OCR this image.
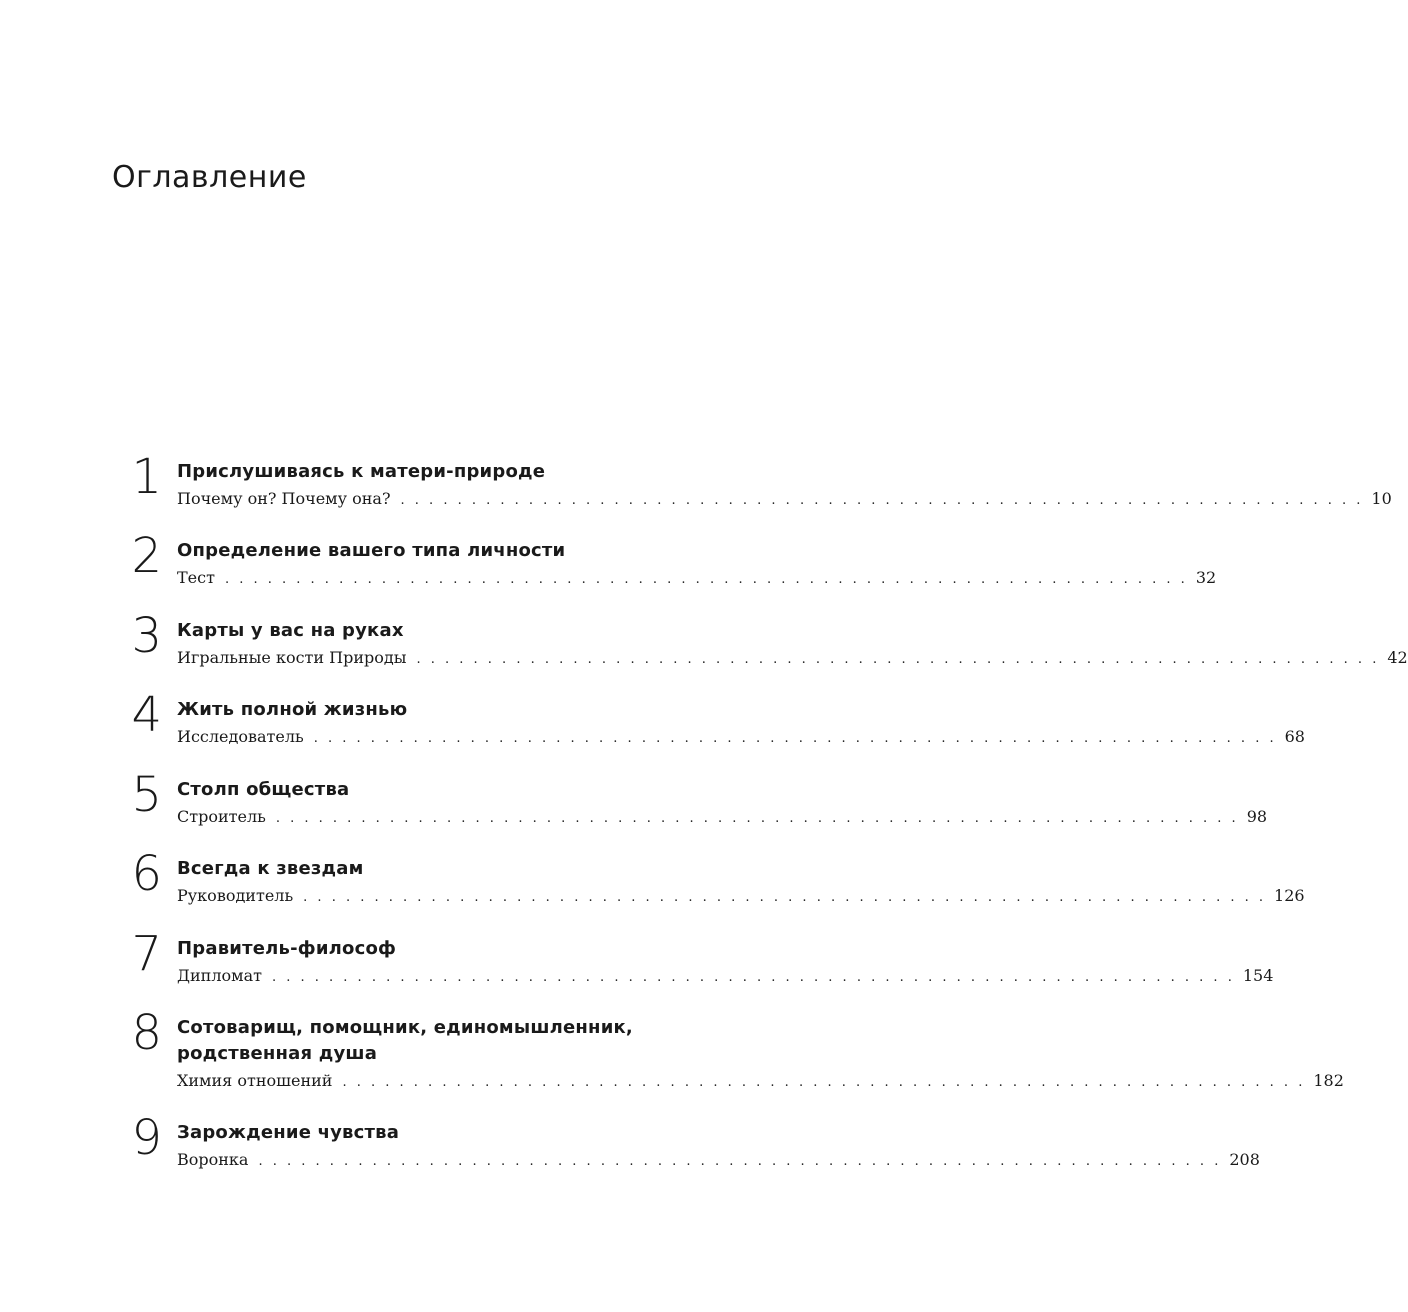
Оглавление
1 Прислушиваясь к матери-природе
Почему он? Почему она? . . . . . . . . . . . . . . . . . . . . . . . . . . . . . . . . . . . . . . . . . . . . . . . . . . . . . . . . . . . . . . . . . . . . 10
2 Определение вашего типа личности
Тест . . . . . . . . . . . . . . . . . . . . . . . . . . . . . . . . . . . . . . . . . . . . . . . . . . . . . . . . . . . . . . . . . . . . 32
3 Карты у вас на руках
Игральные кости Природы . . . . . . . . . . . . . . . . . . . . . . . . . . . . . . . . . . . . . . . . . . . . . . . . . . . . . . . . . . . . . . . . . . . . 42
4 Жить полной жизнью
Исследователь . . . . . . . . . . . . . . . . . . . . . . . . . . . . . . . . . . . . . . . . . . . . . . . . . . . . . . . . . . . . . . . . . . . . 68
5 Столп общества
Строитель . . . . . . . . . . . . . . . . . . . . . . . . . . . . . . . . . . . . . . . . . . . . . . . . . . . . . . . . . . . . . . . . . . . . 98
6 Всегда к звездам
Руководитель . . . . . . . . . . . . . . . . . . . . . . . . . . . . . . . . . . . . . . . . . . . . . . . . . . . . . . . . . . . . . . . . . . . . 126
7 Правитель-философ
Дипломат . . . . . . . . . . . . . . . . . . . . . . . . . . . . . . . . . . . . . . . . . . . . . . . . . . . . . . . . . . . . . . . . . . . . 154
8 Сотоварищ, помощник, единомышленник, родственная душа
Химия отношений . . . . . . . . . . . . . . . . . . . . . . . . . . . . . . . . . . . . . . . . . . . . . . . . . . . . . . . . . . . . . . . . . . . . 182
9 Зарождение чувства
Воронка . . . . . . . . . . . . . . . . . . . . . . . . . . . . . . . . . . . . . . . . . . . . . . . . . . . . . . . . . . . . . . . . . . . . 208
